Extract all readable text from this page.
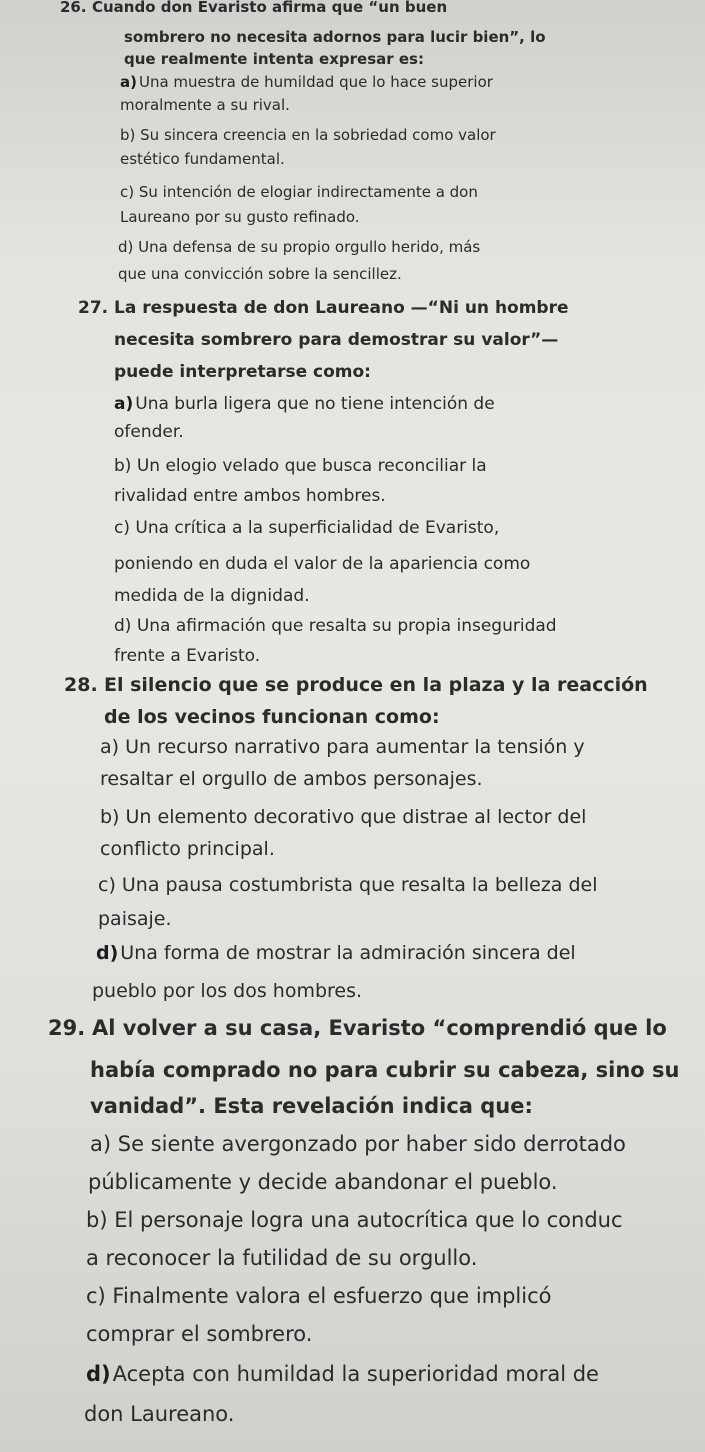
26. Cuando don Evaristo afirma que “un buen
sombrero no necesita adornos para lucir bien”, lo
que realmente intenta expresar es:
a) Una muestra de humildad que lo hace superior
moralmente a su rival.
b) Su sincera creencia en la sobriedad como valor
estético fundamental.
c) Su intención de elogiar indirectamente a don
Laureano por su gusto refinado.
d) Una defensa de su propio orgullo herido, más
que una convicción sobre la sencillez.
27. La respuesta de don Laureano —“Ni un hombre
necesita sombrero para demostrar su valor”—
puede interpretarse como:
a) Una burla ligera que no tiene intención de
ofender.
b) Un elogio velado que busca reconciliar la
rivalidad entre ambos hombres.
c) Una crítica a la superficialidad de Evaristo,
poniendo en duda el valor de la apariencia como
medida de la dignidad.
d) Una afirmación que resalta su propia inseguridad
frente a Evaristo.
28. El silencio que se produce en la plaza y la reacción
de los vecinos funcionan como:
a) Un recurso narrativo para aumentar la tensión y
resaltar el orgullo de ambos personajes.
b) Un elemento decorativo que distrae al lector del
conflicto principal.
c) Una pausa costumbrista que resalta la belleza del
paisaje.
d) Una forma de mostrar la admiración sincera del
pueblo por los dos hombres.
29. Al volver a su casa, Evaristo “comprendió que lo
había comprado no para cubrir su cabeza, sino su
vanidad”. Esta revelación indica que:
a) Se siente avergonzado por haber sido derrotado
públicamente y decide abandonar el pueblo.
b) El personaje logra una autocrítica que lo conduc
a reconocer la futilidad de su orgullo.
c) Finalmente valora el esfuerzo que implicó
comprar el sombrero.
d)Acepta con humildad la superioridad moral de
don Laureano.
